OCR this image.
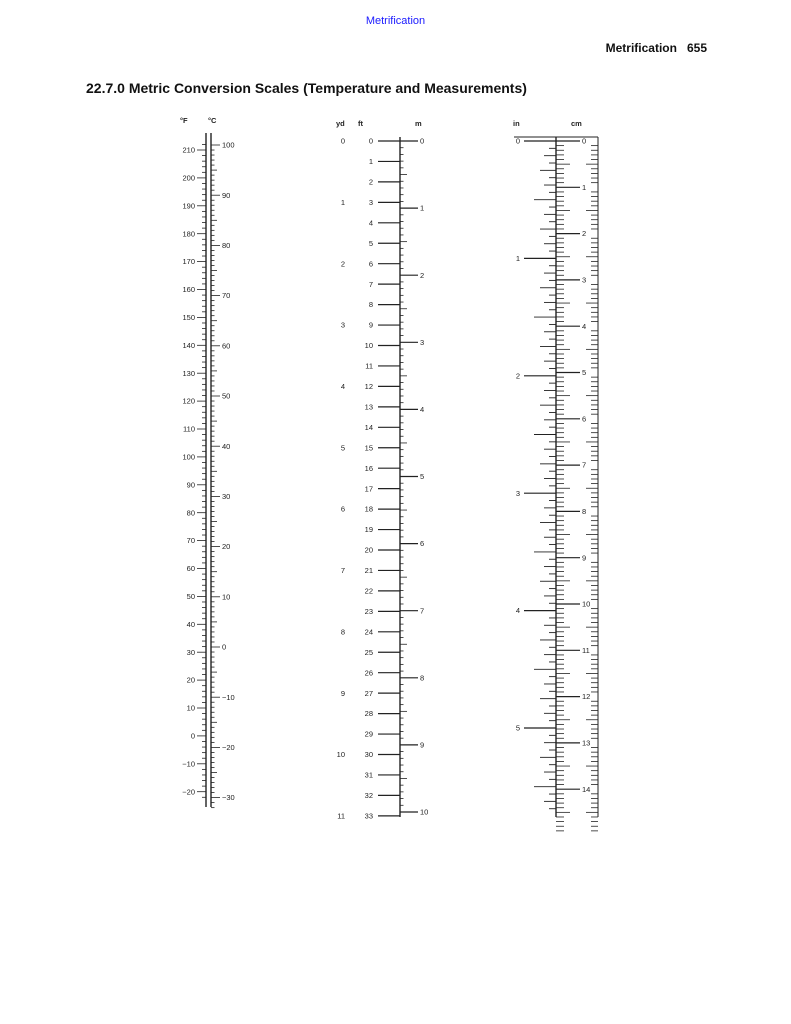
Metrification
Metrification 655
22.7.0 Metric Conversion Scales (Temperature and Measurements)
°F	°C
210
200
190
180
170
160
150
140
130
120
110
100
90
80
70
60
50
40
30
20
10
0
−10
−20
100
90
80
70
60
50
40
30
20
10
0
−10
−20
−30
yd ft	m
0
1
2
3
4
5
6
7
8
9
10
11
12
13
14
15
16
17
18
19
20
21
22
23
24
25
26
27
28
29
30
31
32
33
0
1
2
3
4
5
6
7
8
9
10
11
0
1
2
3
4
5
6
7
8
9
10
in	cm
0
1
2
3
4
5
0
1
2
3
4
5
6
7
8
9
10
11
12
13
14
